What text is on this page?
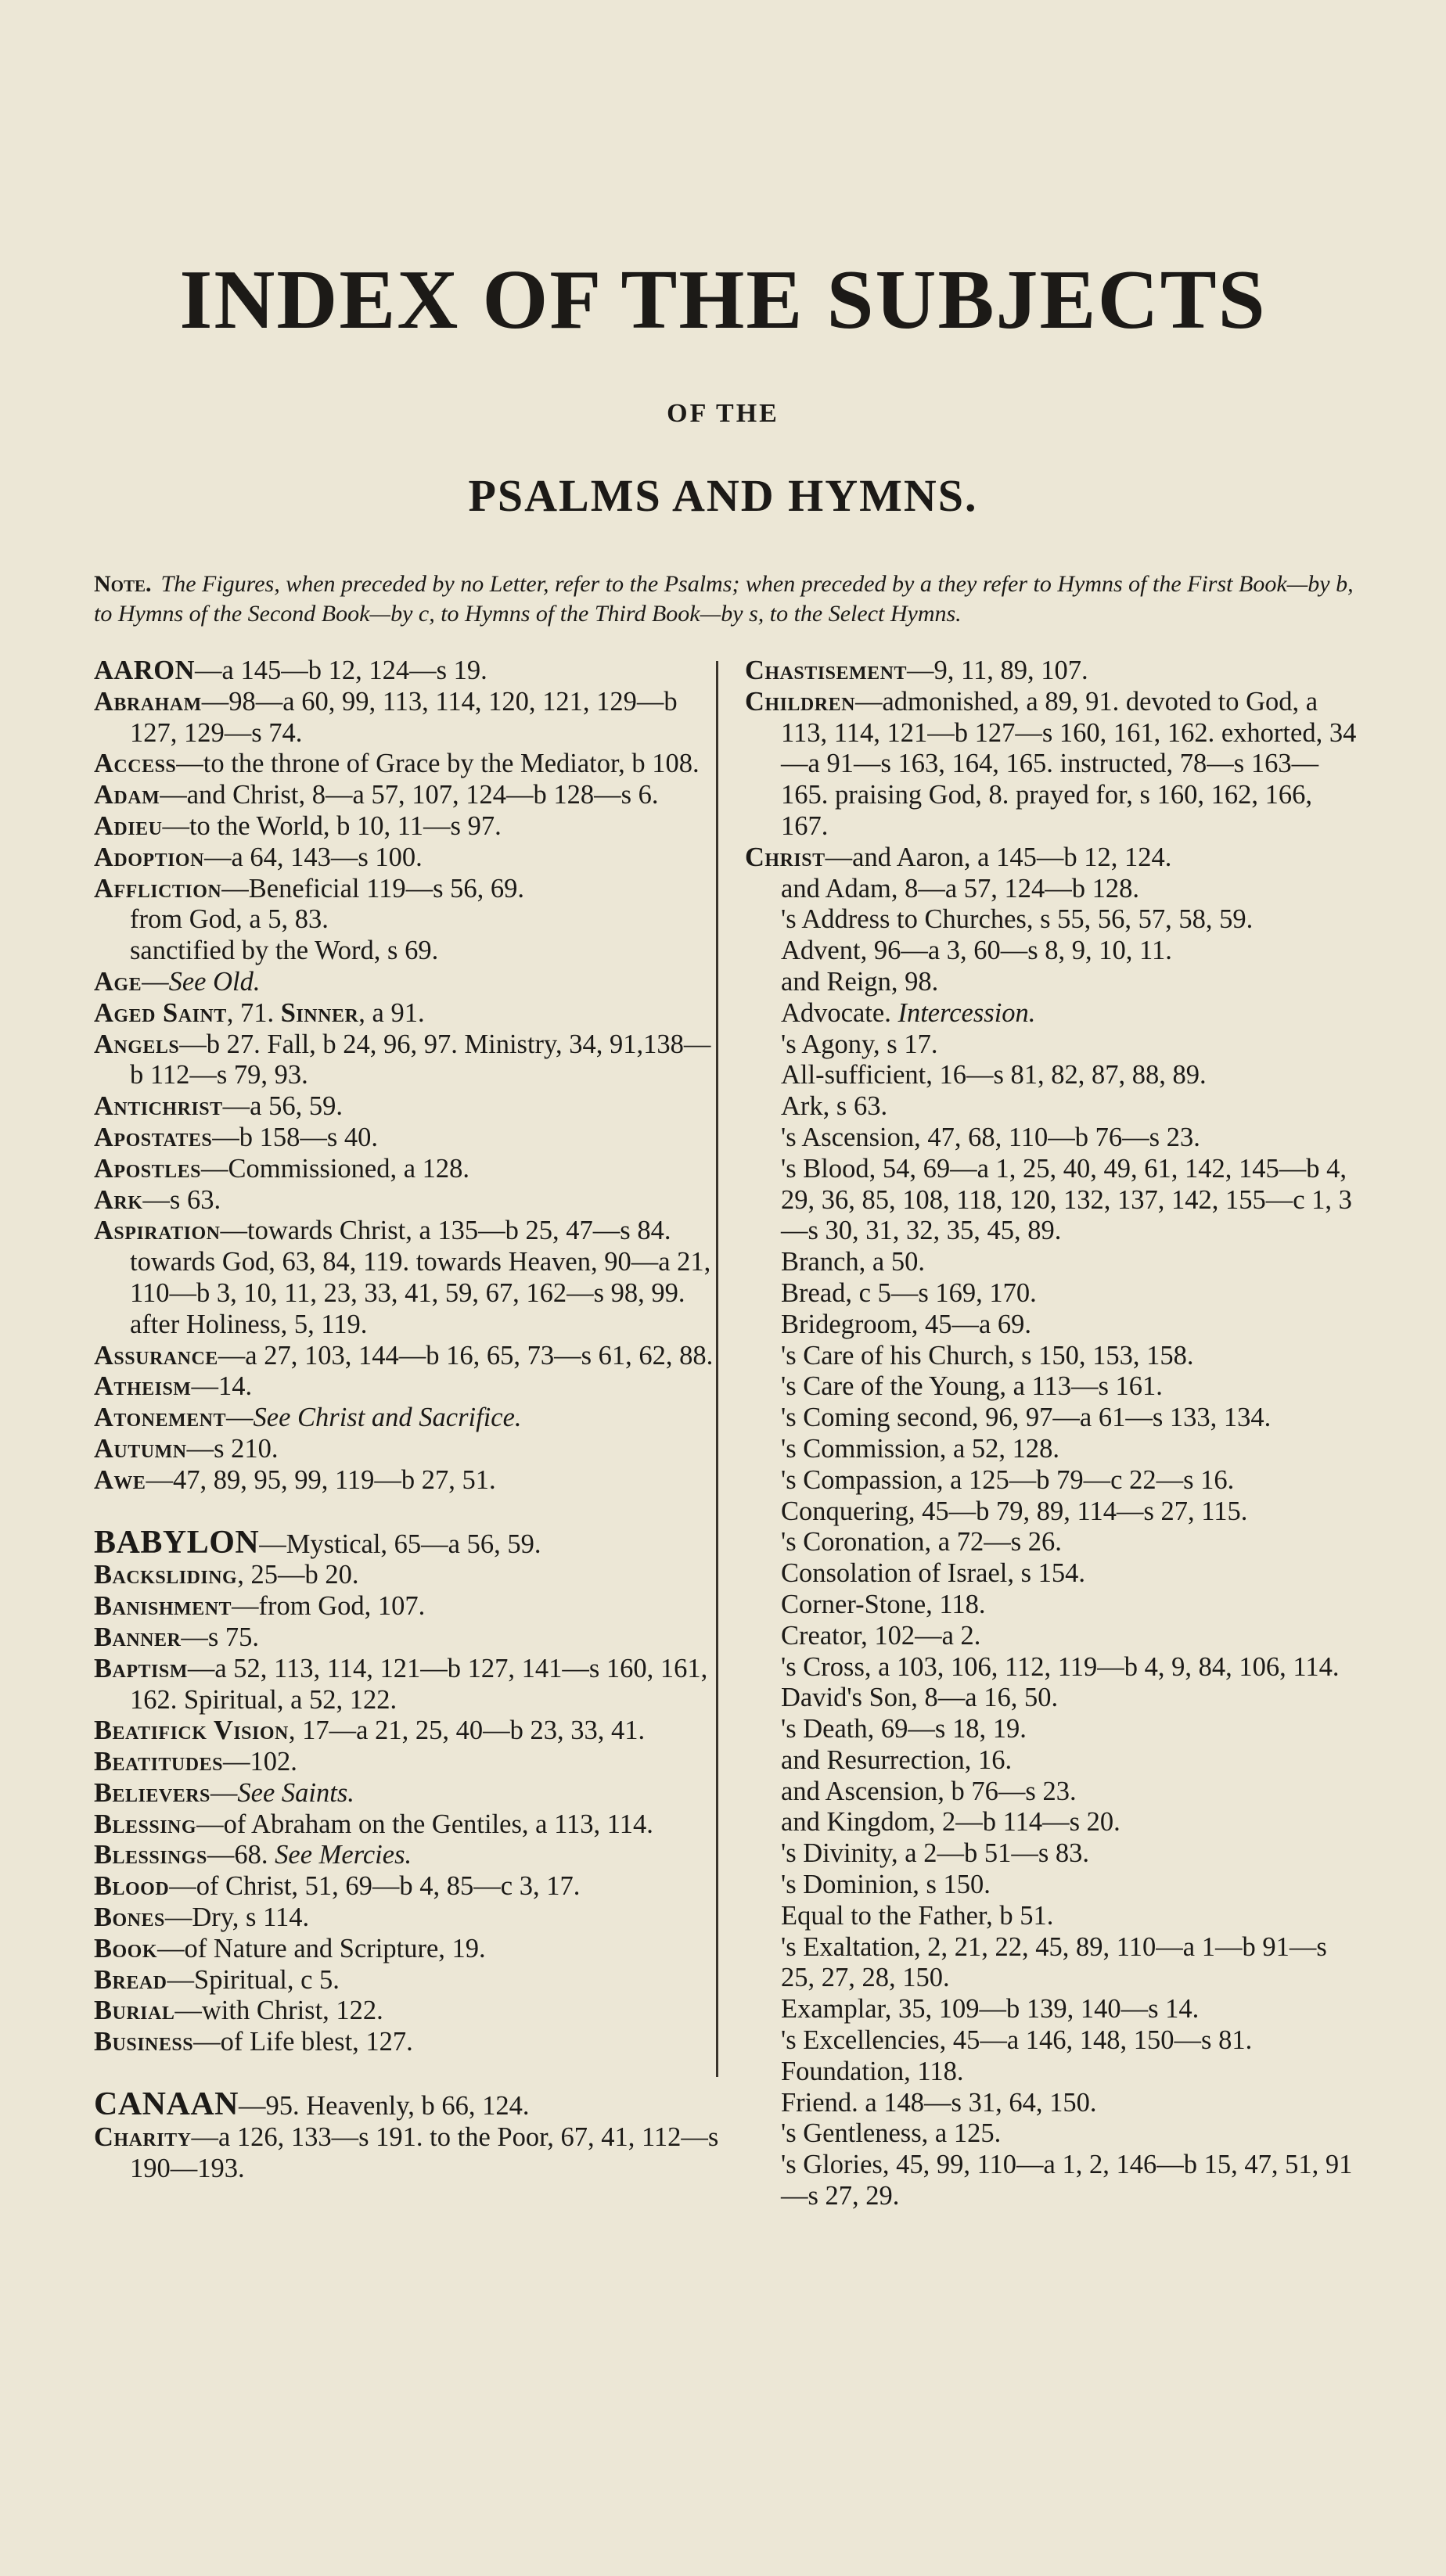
INDEX OF THE SUBJECTS
OF THE
PSALMS AND HYMNS.
Note. The Figures, when preceded by no Letter, refer to the Psalms; when preceded by a they refer to Hymns of the First Book—by b, to Hymns of the Second Book—by c, to Hymns of the Third Book—by s, to the Select Hymns.

AARON—a 145—b 12, 124—s 19.

Abraham—98—a 60, 99, 113, 114, 120, 121, 129—b 127, 129—s 74.

Access—to the throne of Grace by the Mediator, b 108.

Adam—and Christ, 8—a 57, 107, 124—b 128—s 6.

Adieu—to the World, b 10, 11—s 97.

Adoption—a 64, 143—s 100.

Affliction—Beneficial 119—s 56, 69.

from God, a 5, 83.

sanctified by the Word, s 69.

Age—See Old.

Aged Saint, 71. Sinner, a 91.

Angels—b 27. Fall, b 24, 96, 97. Ministry, 34, 91,138—b 112—s 79, 93.

Antichrist—a 56, 59.

Apostates—b 158—s 40.

Apostles—Commissioned, a 128.

Ark—s 63.

Aspiration—towards Christ, a 135—b 25, 47—s 84. towards God, 63, 84, 119. towards Heaven, 90—a 21, 110—b 3, 10, 11, 23, 33, 41, 59, 67, 162—s 98, 99. after Holiness, 5, 119.

Assurance—a 27, 103, 144—b 16, 65, 73—s 61, 62, 88.

Atheism—14.

Atonement—See Christ and Sacrifice.

Autumn—s 210.

Awe—47, 89, 95, 99, 119—b 27, 51.

BABYLON—Mystical, 65—a 56, 59.

Backsliding, 25—b 20.

Banishment—from God, 107.

Banner—s 75.

Baptism—a 52, 113, 114, 121—b 127, 141—s 160, 161, 162. Spiritual, a 52, 122.

Beatifick Vision, 17—a 21, 25, 40—b 23, 33, 41.

Beatitudes—102.

Believers—See Saints.

Blessing—of Abraham on the Gentiles, a 113, 114.

Blessings—68. See Mercies.

Blood—of Christ, 51, 69—b 4, 85—c 3, 17.

Bones—Dry, s 114.

Book—of Nature and Scripture, 19.

Bread—Spiritual, c 5.

Burial—with Christ, 122.

Business—of Life blest, 127.

CANAAN—95. Heavenly, b 66, 124.

Charity—a 126, 133—s 191. to the Poor, 67, 41, 112—s 190—193.

Chastisement—9, 11, 89, 107.

Children—admonished, a 89, 91. devoted to God, a 113, 114, 121—b 127—s 160, 161, 162. exhorted, 34—a 91—s 163, 164, 165. instructed, 78—s 163—165. praising God, 8. prayed for, s 160, 162, 166, 167.

Christ—and Aaron, a 145—b 12, 124.

and Adam, 8—a 57, 124—b 128.

's Address to Churches, s 55, 56, 57, 58, 59.

Advent, 96—a 3, 60—s 8, 9, 10, 11.

and Reign, 98.

Advocate. Intercession.

's Agony, s 17.

All-sufficient, 16—s 81, 82, 87, 88, 89.

Ark, s 63.

's Ascension, 47, 68, 110—b 76—s 23.

's Blood, 54, 69—a 1, 25, 40, 49, 61, 142, 145—b 4, 29, 36, 85, 108, 118, 120, 132, 137, 142, 155—c 1, 3—s 30, 31, 32, 35, 45, 89.

Branch, a 50.

Bread, c 5—s 169, 170.

Bridegroom, 45—a 69.

's Care of his Church, s 150, 153, 158.

's Care of the Young, a 113—s 161.

's Coming second, 96, 97—a 61—s 133, 134.

's Commission, a 52, 128.

's Compassion, a 125—b 79—c 22—s 16.

Conquering, 45—b 79, 89, 114—s 27, 115.

's Coronation, a 72—s 26.

Consolation of Israel, s 154.

Corner-Stone, 118.

Creator, 102—a 2.

's Cross, a 103, 106, 112, 119—b 4, 9, 84, 106, 114.

David's Son, 8—a 16, 50.

's Death, 69—s 18, 19.

and Resurrection, 16.

and Ascension, b 76—s 23.

and Kingdom, 2—b 114—s 20.

's Divinity, a 2—b 51—s 83.

's Dominion, s 150.

Equal to the Father, b 51.

's Exaltation, 2, 21, 22, 45, 89, 110—a 1—b 91—s 25, 27, 28, 150.

Examplar, 35, 109—b 139, 140—s 14.

's Excellencies, 45—a 146, 148, 150—s 81.

Foundation, 118.

Friend. a 148—s 31, 64, 150.

's Gentleness, a 125.

's Glories, 45, 99, 110—a 1, 2, 146—b 15, 47, 51, 91—s 27, 29.
